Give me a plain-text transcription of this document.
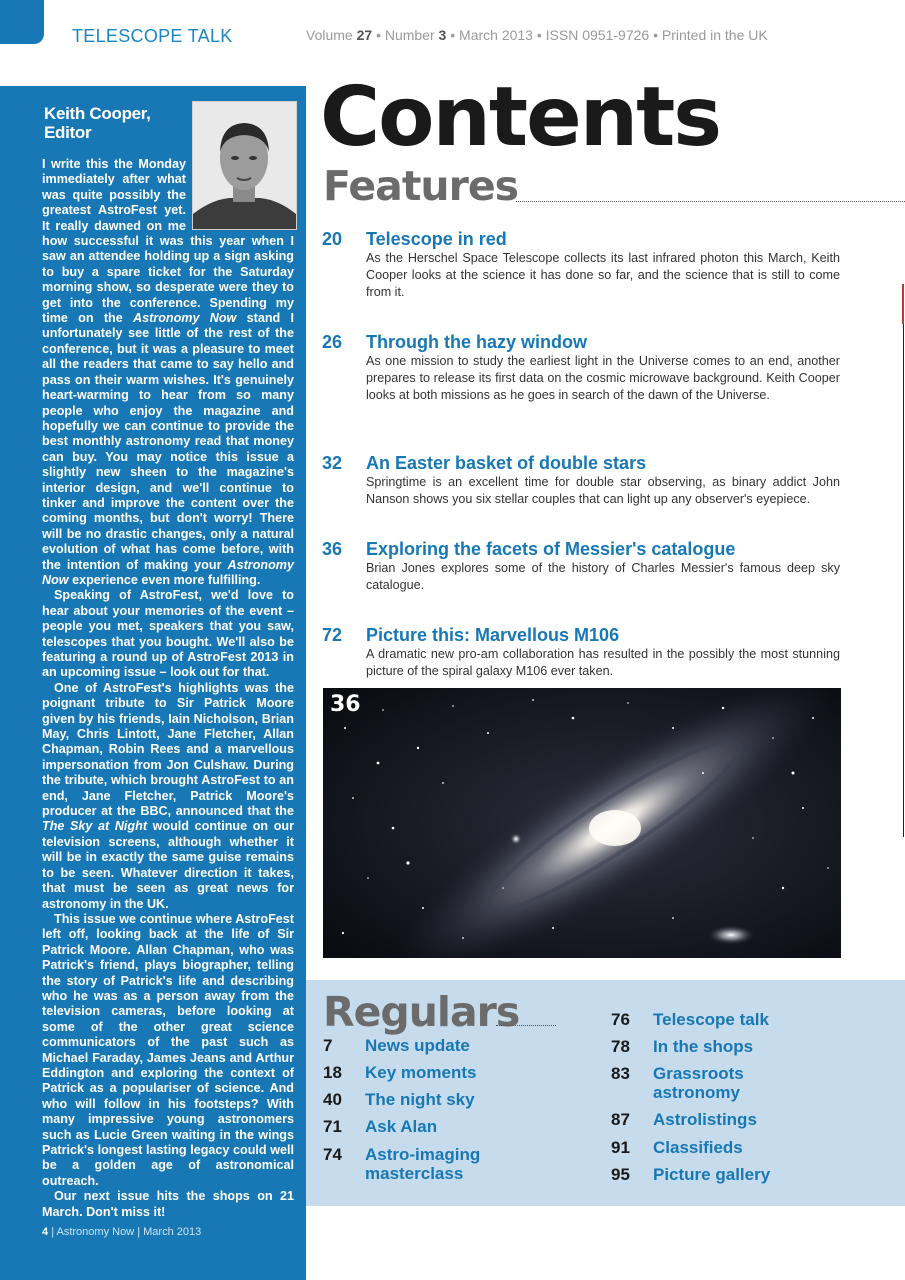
TELESCOPE TALK	Volume 27 • Number 3 • March 2013 • ISSN 0951-9726 • Printed in the UK
Keith Cooper, Editor

I write this the Monday immediately after what was quite possibly the greatest AstroFest yet. It really dawned on me how successful it was this year when I saw an attendee holding up a sign asking to buy a spare ticket for the Saturday morning show, so desperate were they to get into the conference. Spending my time on the Astronomy Now stand I unfortunately see little of the rest of the conference, but it was a pleasure to meet all the readers that came to say hello and pass on their warm wishes. It's genuinely heart-warming to hear from so many people who enjoy the magazine and hopefully we can continue to provide the best monthly astronomy read that money can buy. You may notice this issue a slightly new sheen to the magazine's interior design, and we'll continue to tinker and improve the content over the coming months, but don't worry! There will be no drastic changes, only a natural evolution of what has come before, with the intention of making your Astronomy Now experience even more fulfilling.

Speaking of AstroFest, we'd love to hear about your memories of the event – people you met, speakers that you saw, telescopes that you bought. We'll also be featuring a round up of AstroFest 2013 in an upcoming issue – look out for that.

One of AstroFest's highlights was the poignant tribute to Sir Patrick Moore given by his friends, Iain Nicholson, Brian May, Chris Lintott, Jane Fletcher, Allan Chapman, Robin Rees and a marvellous impersonation from Jon Culshaw. During the tribute, which brought AstroFest to an end, Jane Fletcher, Patrick Moore's producer at the BBC, announced that the The Sky at Night would continue on our television screens, although whether it will be in exactly the same guise remains to be seen. Whatever direction it takes, that must be seen as great news for astronomy in the UK.

This issue we continue where AstroFest left off, looking back at the life of Sir Patrick Moore. Allan Chapman, who was Patrick's friend, plays biographer, telling the story of Patrick's life and describing who he was as a person away from the television cameras, before looking at some of the other great science communicators of the past such as Michael Faraday, James Jeans and Arthur Eddington and exploring the context of Patrick as a populariser of science. And who will follow in his footsteps? With many impressive young astronomers such as Lucie Green waiting in the wings Patrick's longest lasting legacy could well be a golden age of astronomical outreach.

Our next issue hits the shops on 21 March. Don't miss it!

4 | Astronomy Now | March 2013
Contents
Features
20 Telescope in red
As the Herschel Space Telescope collects its last infrared photon this March, Keith Cooper looks at the science it has done so far, and the science that is still to come from it.
26 Through the hazy window
As one mission to study the earliest light in the Universe comes to an end, another prepares to release its first data on the cosmic microwave background. Keith Cooper looks at both missions as he goes in search of the dawn of the Universe.
32 An Easter basket of double stars
Springtime is an excellent time for double star observing, as binary addict John Nanson shows you six stellar couples that can light up any observer's eyepiece.
36 Exploring the facets of Messier's catalogue
Brian Jones explores some of the history of Charles Messier's famous deep sky catalogue.
72 Picture this: Marvellous M106
A dramatic new pro-am collaboration has resulted in the possibly the most stunning picture of the spiral galaxy M106 ever taken.
36
Regulars
7 News update
18 Key moments
40 The night sky
71 Ask Alan
74 Astro-imaging masterclass
76 Telescope talk
78 In the shops
83 Grassroots astronomy
87 Astrolistings
91 Classifieds
95 Picture gallery
